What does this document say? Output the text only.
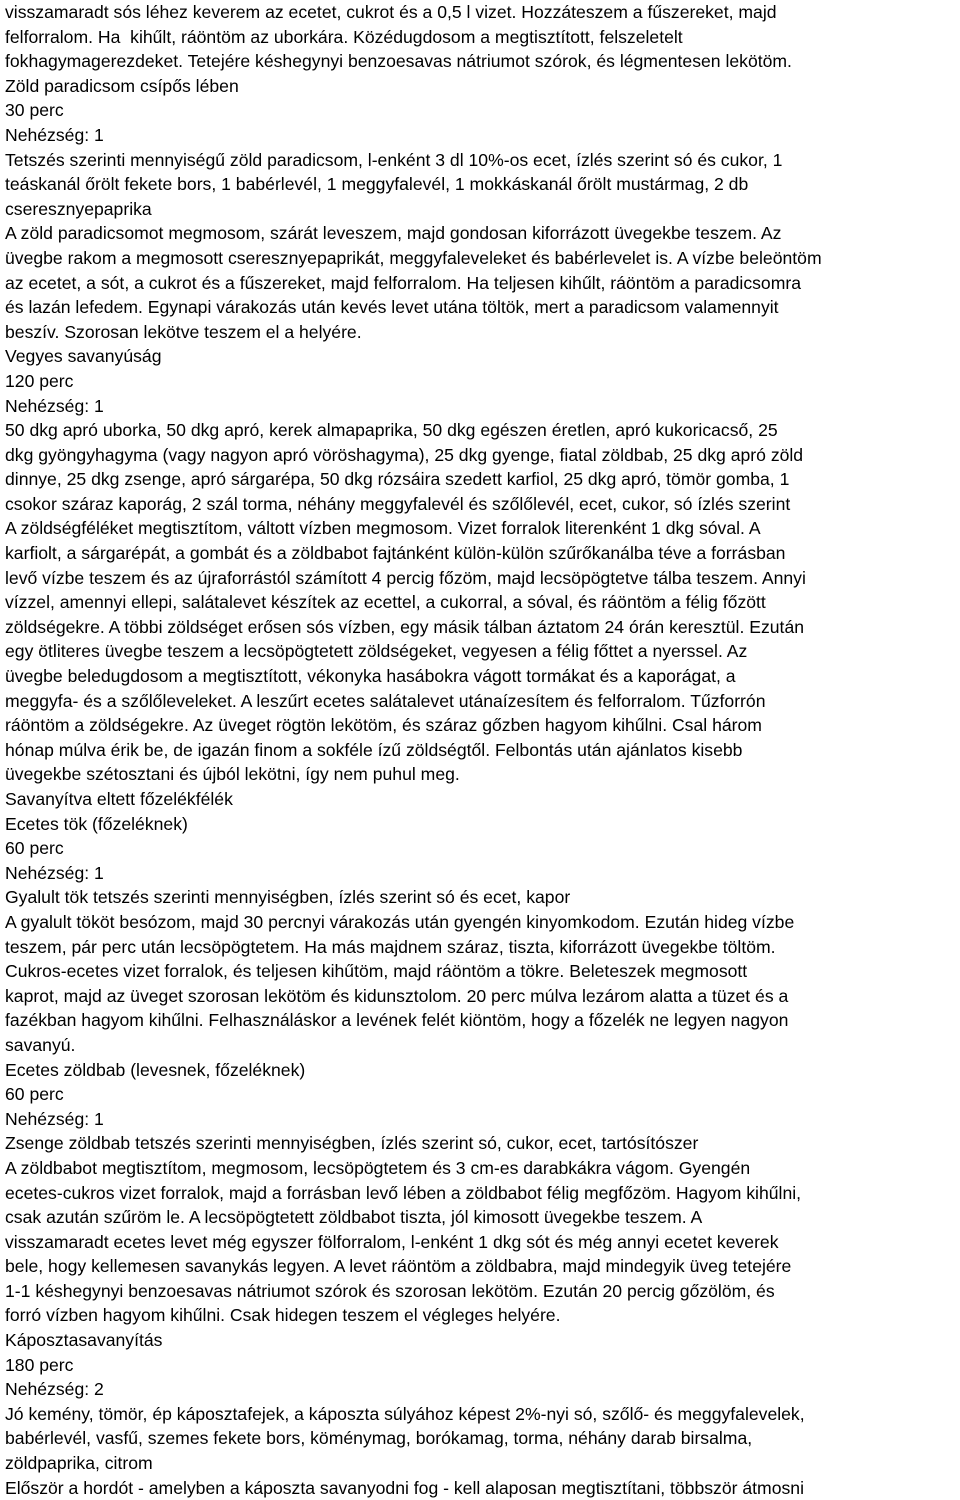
visszamaradt sós léhez keverem az ecetet, cukrot és a 0,5 l vizet. Hozzáteszem a fűszereket, majd
felforralom. Ha  kihűlt, ráöntöm az uborkára. Közédugdosom a megtisztított, felszeletelt
fokhagymagerezdeket. Tetejére késhegynyi benzoesavas nátriumot szórok, és légmentesen lekötöm.
Zöld paradicsom csípős lében
30 perc
Nehézség: 1
Tetszés szerinti mennyiségű zöld paradicsom, l-enként 3 dl 10%-os ecet, ízlés szerint só és cukor, 1
teáskanál őrölt fekete bors, 1 babérlevél, 1 meggyfalevél, 1 mokkáskanál őrölt mustármag, 2 db
cseresznyepaprika
A zöld paradicsomot megmosom, szárát leveszem, majd gondosan kiforrázott üvegekbe teszem. Az
üvegbe rakom a megmosott cseresznyepaprikát, meggyfaleveleket és babérlevelet is. A vízbe beleöntöm
az ecetet, a sót, a cukrot és a fűszereket, majd felforralom. Ha teljesen kihűlt, ráöntöm a paradicsomra
és lazán lefedem. Egynapi várakozás után kevés levet utána töltök, mert a paradicsom valamennyit
beszív. Szorosan lekötve teszem el a helyére.
Vegyes savanyúság
120 perc
Nehézség: 1
50 dkg apró uborka, 50 dkg apró, kerek almapaprika, 50 dkg egészen éretlen, apró kukoricacső, 25
dkg gyöngyhagyma (vagy nagyon apró vöröshagyma), 25 dkg gyenge, fiatal zöldbab, 25 dkg apró zöld
dinnye, 25 dkg zsenge, apró sárgarépa, 50 dkg rózsáira szedett karfiol, 25 dkg apró, tömör gomba, 1
csokor száraz kaporág, 2 szál torma, néhány meggyfalevél és szőlőlevél, ecet, cukor, só ízlés szerint
A zöldségféléket megtisztítom, váltott vízben megmosom. Vizet forralok literenként 1 dkg sóval. A
karfiolt, a sárgarépát, a gombát és a zöldbabot fajtánként külön-külön szűrőkanálba téve a forrásban
levő vízbe teszem és az újraforrástól számított 4 percig főzöm, majd lecsöpögtetve tálba teszem. Annyi
vízzel, amennyi ellepi, salátalevet készítek az ecettel, a cukorral, a sóval, és ráöntöm a félig főzött
zöldségekre. A többi zöldséget erősen sós vízben, egy másik tálban áztatom 24 órán keresztül. Ezután
egy ötliteres üvegbe teszem a lecsöpögtetett zöldségeket, vegyesen a félig főttet a nyerssel. Az
üvegbe beledugdosom a megtisztított, vékonyka hasábokra vágott tormákat és a kaporágat, a
meggyfa- és a szőlőleveleket. A leszűrt ecetes salátalevet utánaízesítem és felforralom. Tűzforrón
ráöntöm a zöldségekre. Az üveget rögtön lekötöm, és száraz gőzben hagyom kihűlni. Csal három
hónap múlva érik be, de igazán finom a sokféle ízű zöldségtől. Felbontás után ajánlatos kisebb
üvegekbe szétosztani és újból lekötni, így nem puhul meg.
Savanyítva eltett főzelékfélék
Ecetes tök (főzeléknek)
60 perc
Nehézség: 1
Gyalult tök tetszés szerinti mennyiségben, ízlés szerint só és ecet, kapor
A gyalult tököt besózom, majd 30 percnyi várakozás után gyengén kinyomkodom. Ezután hideg vízbe
teszem, pár perc után lecsöpögtetem. Ha más majdnem száraz, tiszta, kiforrázott üvegekbe töltöm.
Cukros-ecetes vizet forralok, és teljesen kihűtöm, majd ráöntöm a tökre. Beleteszek megmosott
kaprot, majd az üveget szorosan lekötöm és kidunsztolom. 20 perc múlva lezárom alatta a tüzet és a
fazékban hagyom kihűlni. Felhasználáskor a levének felét kiöntöm, hogy a főzelék ne legyen nagyon
savanyú.
Ecetes zöldbab (levesnek, főzeléknek)
60 perc
Nehézség: 1
Zsenge zöldbab tetszés szerinti mennyiségben, ízlés szerint só, cukor, ecet, tartósítószer
A zöldbabot megtisztítom, megmosom, lecsöpögtetem és 3 cm-es darabkákra vágom. Gyengén
ecetes-cukros vizet forralok, majd a forrásban levő lében a zöldbabot félig megfőzöm. Hagyom kihűlni,
csak azután szűröm le. A lecsöpögtetett zöldbabot tiszta, jól kimosott üvegekbe teszem. A
visszamaradt ecetes levet még egyszer fölforralom, l-enként 1 dkg sót és még annyi ecetet keverek
bele, hogy kellemesen savanykás legyen. A levet ráöntöm a zöldbabra, majd mindegyik üveg tetejére
1-1 késhegynyi benzoesavas nátriumot szórok és szorosan lekötöm. Ezután 20 percig gőzölöm, és
forró vízben hagyom kihűlni. Csak hidegen teszem el végleges helyére.
Káposztasavanyítás
180 perc
Nehézség: 2
Jó kemény, tömör, ép káposztafejek, a káposzta súlyához képest 2%-nyi só, szőlő- és meggyfalevelek,
babérlevél, vasfű, szemes fekete bors, köménymag, borókamag, torma, néhány darab birsalma,
zöldpaprika, citrom
Először a hordót - amelyben a káposzta savanyodni fog - kell alaposan megtisztítani, többször átmosni
